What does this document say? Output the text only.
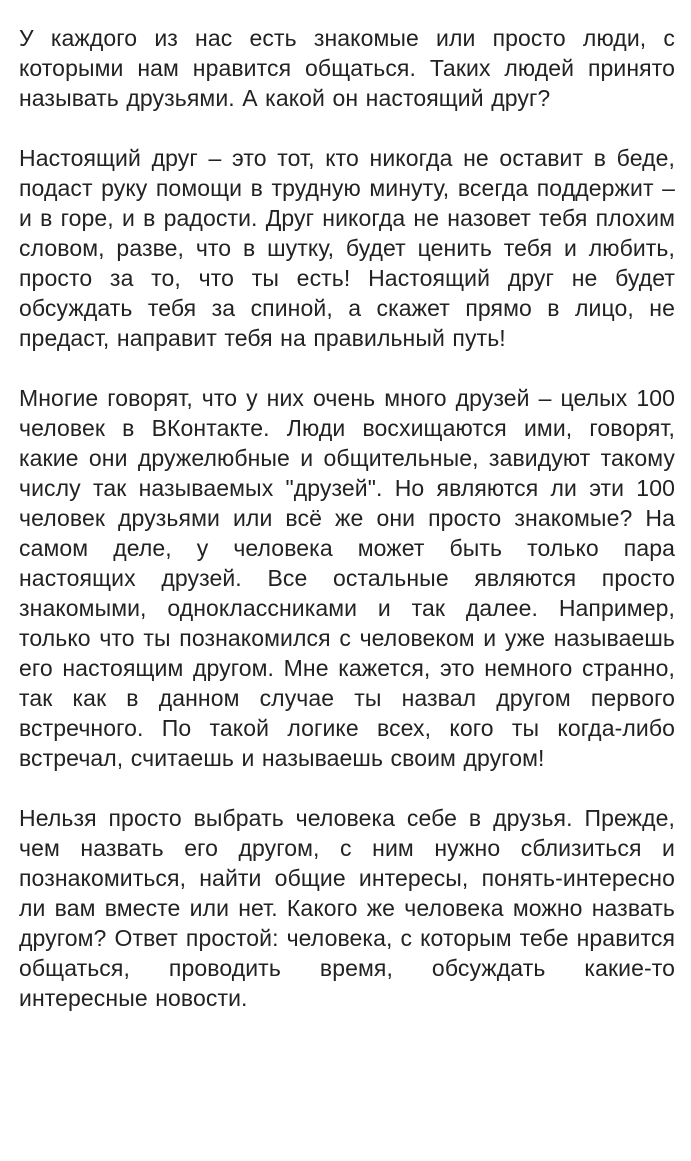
У каждого из нас есть знакомые или просто люди, с которыми нам нравится общаться. Таких людей принято называть друзьями. А какой он настоящий друг?

Настоящий друг – это тот, кто никогда не оставит в беде, подаст руку помощи в трудную минуту, всегда поддержит – и в горе, и в радости. Друг никогда не назовет тебя плохим словом, разве, что в шутку, будет ценить тебя и любить, просто за то, что ты есть! Настоящий друг не будет обсуждать тебя за спиной, а скажет прямо в лицо, не предаст, направит тебя на правильный путь!

Многие говорят, что у них очень много друзей – целых 100 человек в ВКонтакте. Люди восхищаются ими, говорят, какие они дружелюбные и общительные, завидуют такому числу так называемых "друзей". Но являются ли эти 100 человек друзьями или всё же они просто знакомые? На самом деле, у человека может быть только пара настоящих друзей. Все остальные являются просто знакомыми, одноклассниками и так далее. Например, только что ты познакомился с человеком и уже называешь его настоящим другом. Мне кажется, это немного странно, так как в данном случае ты назвал другом первого встречного. По такой логике всех, кого ты когда-либо встречал, считаешь и называешь своим другом!

Нельзя просто выбрать человека себе в друзья. Прежде, чем назвать его другом, с ним нужно сблизиться и познакомиться, найти общие интересы, понять-интересно ли вам вместе или нет. Какого же человека можно назвать другом? Ответ простой: человека, с которым тебе нравится общаться, проводить время, обсуждать какие-то интересные новости.
